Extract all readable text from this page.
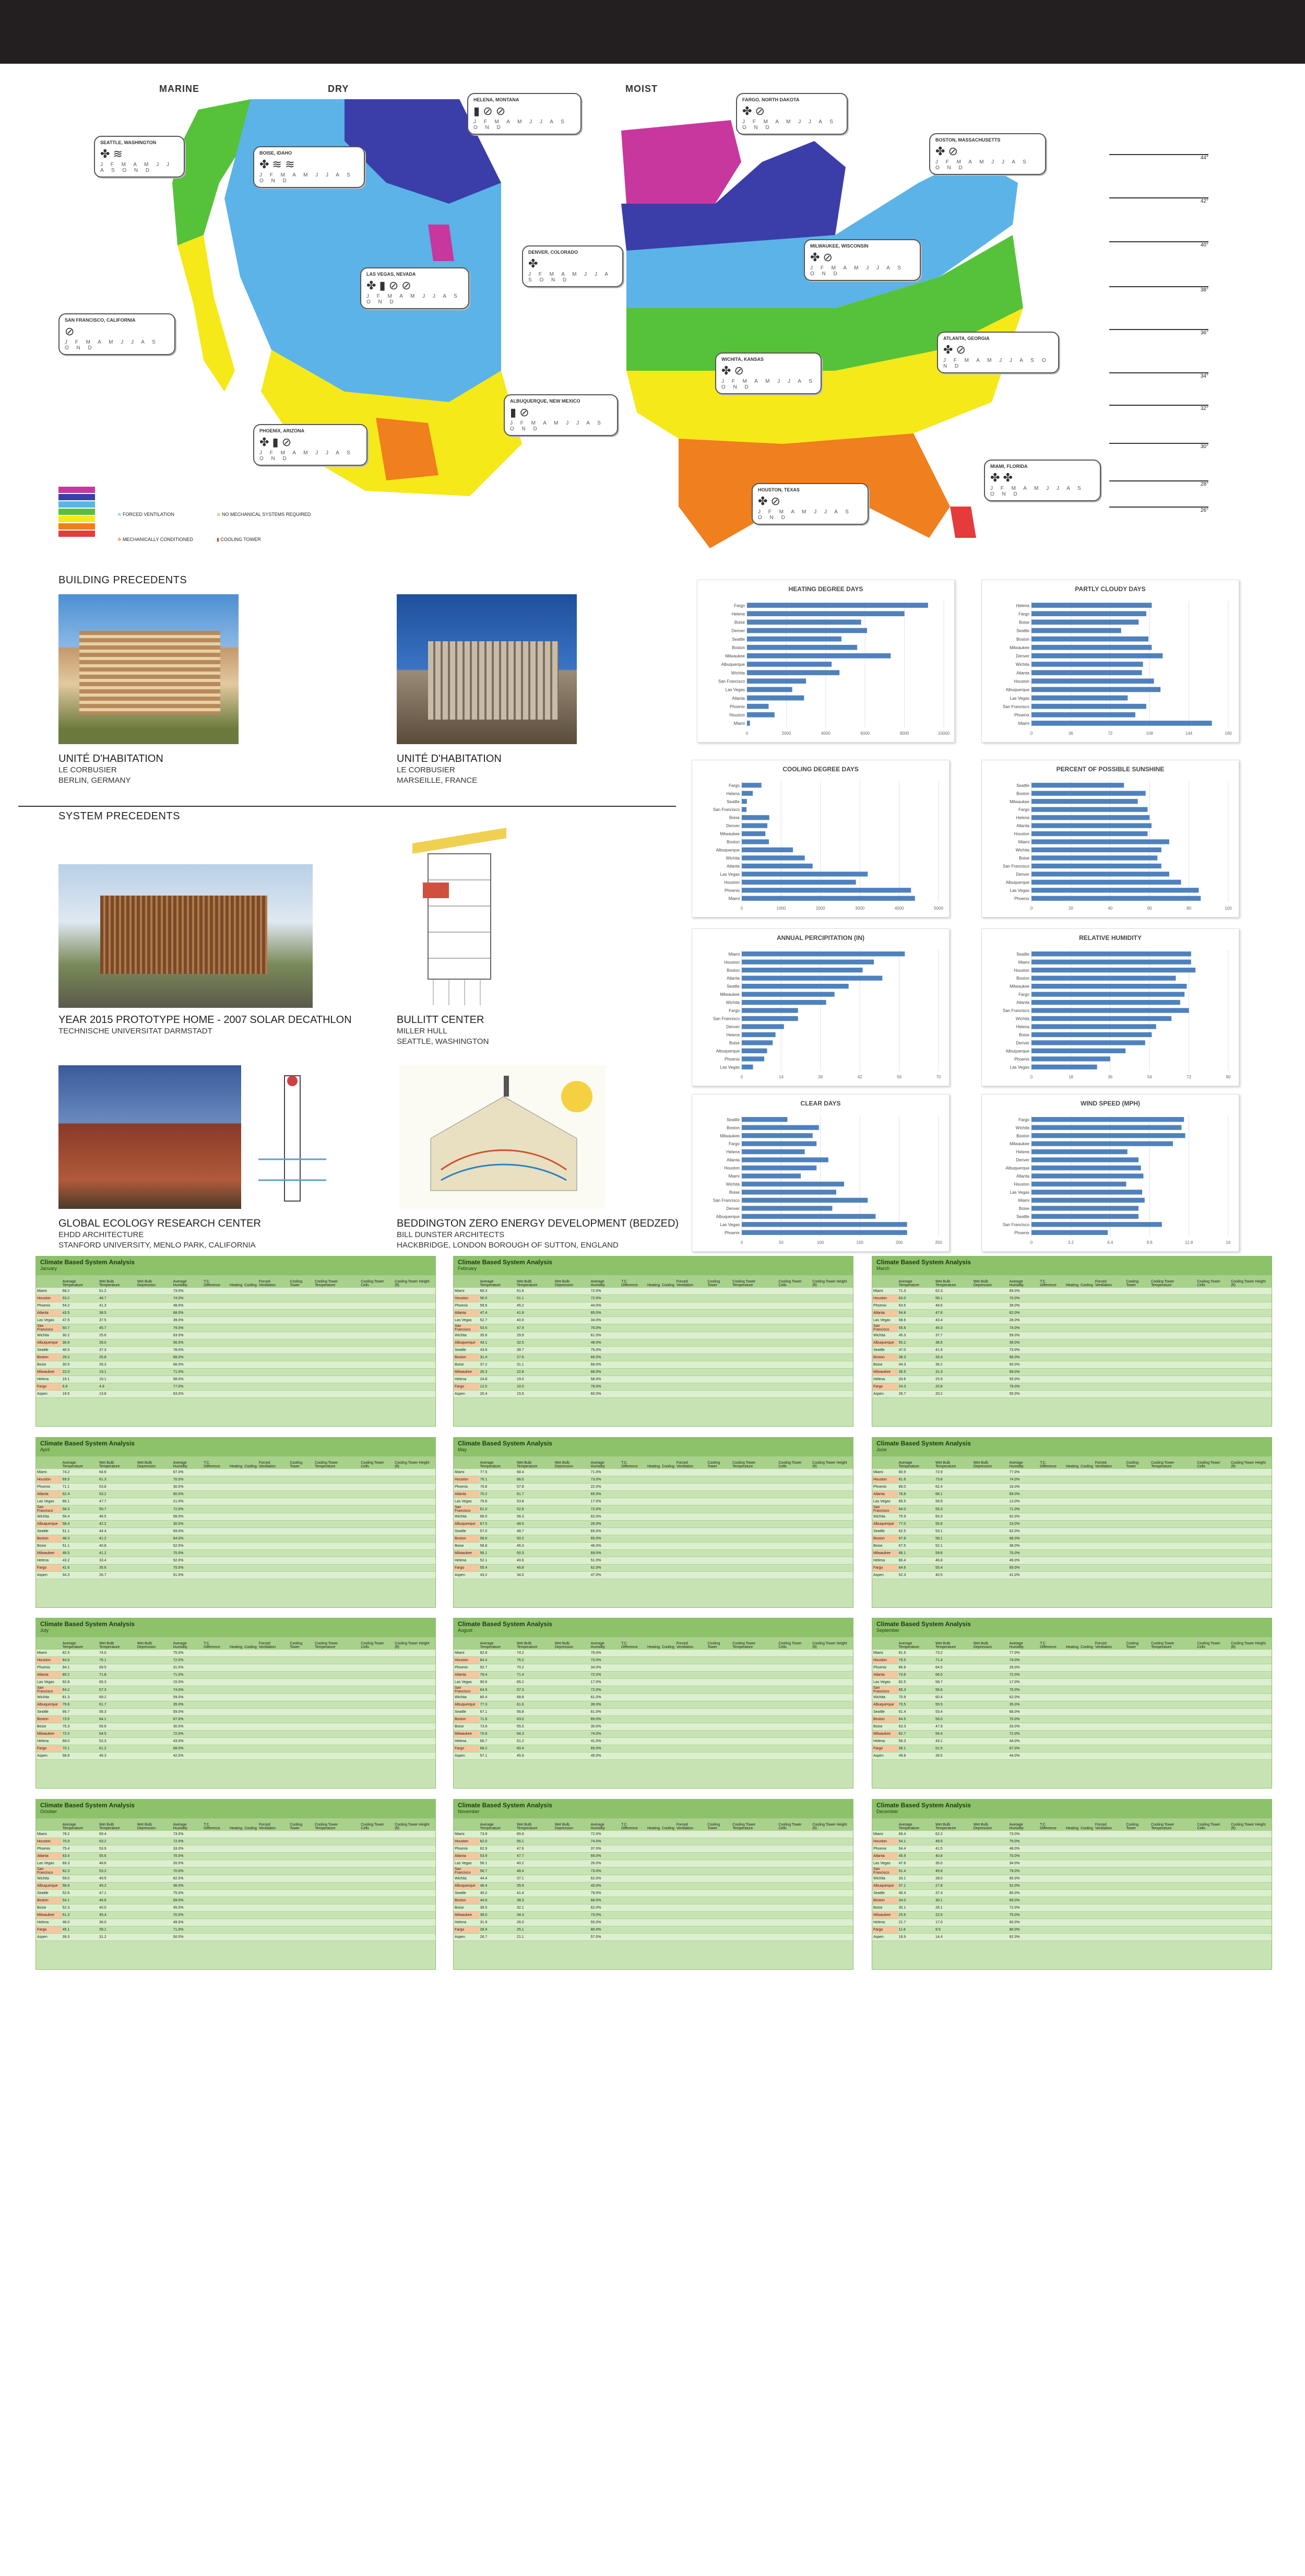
MARINE	DRY	MOIST
SEATTLE, WASHINGTON
✤ ≋
J F M A M J J A S O N D
BOISE, IDAHO
✤ ≋ ≋
J F M A M J J A S O N D
HELENA, MONTANA
▮ ⊘ ⊘
J F M A M J J A S O N D
FARGO, NORTH DAKOTA
✤ ⊘
J F M A M J J A S O N D
BOSTON, MASSACHUSETTS
✤ ⊘
J F M A M J J A S O N D
MILWAUKEE, WISCONSIN
✤ ⊘
J F M A M J J A S O N D
DENVER, COLORADO
✤
J F M A M J J A S O N D
LAS VEGAS, NEVADA
✤ ▮ ⊘ ⊘
J F M A M J J A S O N D
SAN FRANCISCO, CALIFORNIA
⊘
J F M A M J J A S O N D
WICHITA, KANSAS
✤ ⊘
J F M A M J J A S O N D
ATLANTA, GEORGIA
✤ ⊘
J F M A M J J A S O N D
ALBUQUERQUE, NEW MEXICO
▮ ⊘
J F M A M J J A S O N D
PHOENIX, ARIZONA
✤ ▮ ⊘
J F M A M J J A S O N D
HOUSTON, TEXAS
✤ ⊘
J F M A M J J A S O N D
MIAMI, FLORIDA
✤ ✤
J F M A M J J A S O N D
≋ FORCED VENTILATION	⊘ NO MECHANICAL SYSTEMS REQUIRED
✤ MECHANICALLY CONDITIONED	▮ COOLING TOWER
44°
42°
40°
38°
36°
34°
32°
30°
28°
26°
BUILDING PRECEDENTS
UNITÉ D'HABITATION
LE CORBUSIER
BERLIN, GERMANY
UNITÉ D'HABITATION
LE CORBUSIER
MARSEILLE, FRANCE
SYSTEM PRECEDENTS
YEAR 2015 PROTOTYPE HOME - 2007 SOLAR DECATHLON
TECHNISCHE UNIVERSITAT DARMSTADT
BULLITT CENTER
MILLER HULL
SEATTLE, WASHINGTON
GLOBAL ECOLOGY RESEARCH CENTER
EHDD ARCHITECTURE
STANFORD UNIVERSITY, MENLO PARK, CALIFORNIA
BEDDINGTON ZERO ENERGY DEVELOPMENT (BEDZED)
BILL DUNSTER ARCHITECTS
HACKBRIDGE, LONDON BOROUGH OF SUTTON, ENGLAND
HEATING DEGREE DAYS
0	2000	4000	6000	8000	10000
Fargo
Helena
Boise
Denver
Seattle
Boston
Milwaukee
Albuquerque
Wichita
San Francisco
Las Vegas
Atlanta
Phoenix
Houston
Miami
PARTLY CLOUDY DAYS
0	36	72	108	144	180
Helena
Fargo
Boise
Seattle
Boston
Milwaukee
Denver
Wichita
Atlanta
Houston
Albuquerque
Las Vegas
San Francisco
Phoenix
Miami
COOLING DEGREE DAYS
0	1000	2000	3000	4000	5000
Fargo
Helena
Seattle
San Francisco
Boise
Denver
Milwaukee
Boston
Albuquerque
Wichita
Atlanta
Las Vegas
Houston
Phoenix
Miami
PERCENT OF POSSIBLE SUNSHINE
0	20	40	60	80	100
Seattle
Boston
Milwaukee
Fargo
Helena
Atlanta
Houston
Miami
Wichita
Boise
San Francisco
Denver
Albuquerque
Las Vegas
Phoenix
ANNUAL PERCIPITATION (IN)
0	14	28	42	56	70
Miami
Houston
Boston
Atlanta
Seattle
Milwaukee
Wichita
Fargo
San Francisco
Denver
Helena
Boise
Albuquerque
Phoenix
Las Vegas
RELATIVE HUMIDITY
0	18	36	54	72	90
Seattle
Miami
Houston
Boston
Milwaukee
Fargo
Atlanta
San Francisco
Wichita
Helena
Boise
Denver
Albuquerque
Phoenix
Las Vegas
CLEAR DAYS
0	50	100	150	200	250
Seattle
Boston
Milwaukee
Fargo
Helena
Atlanta
Houston
Miami
Wichita
Boise
San Francisco
Denver
Albuquerque
Las Vegas
Phoenix
WIND SPEED (MPH)
0	3.2	6.4	9.6	12.8	16
Fargo
Wichita
Boston
Milwaukee
Helena
Denver
Albuquerque
Atlanta
Houston
Las Vegas
Miami
Boise
Seattle
San Francisco
Phoenix
Climate Based System Analysis
January
	Average Temperature	Wet Bulb Temperature	Wet Bulb Depression	Average Humidity	T.C. Difference	Heating	Cooling	Forced Ventilation	Cooling Tower	Cooling Tower Temperature	Cooling Tower Cells	Cooling Tower Height (ft)
Miami	68.2	61.2		73.0%								
Houston	53.2	48.7		74.0%								
Phoenix	54.2	41.3		48.0%								
Atlanta	43.5	38.5		68.0%								
Las Vegas	47.5	37.5		39.0%								
San Francisco	50.7	45.7		79.0%								
Wichita	30.2	25.6		63.0%								
Albuquerque	36.8	28.0		56.0%								
Seattle	40.5	37.3		78.0%								
Boston	29.3	25.8		68.0%								
Boise	30.5	26.3		68.0%								
Milwaukee	22.0	19.1		71.0%								
Helena	19.1	15.1		58.0%								
Fargo	6.8	4.9		77.0%								
Aspen	18.5	13.8		63.0%								
Climate Based System Analysis
February
	Average Temperature	Wet Bulb Temperature	Wet Bulb Depression	Average Humidity	T.C. Difference	Heating	Cooling	Forced Ventilation	Cooling Tower	Cooling Tower Temperature	Cooling Tower Cells	Cooling Tower Height (ft)
Miami	69.3	61.6		72.0%								
Houston	56.5	51.1		72.0%								
Phoenix	58.6	45.2		44.0%								
Atlanta	47.4	41.8		65.0%								
Las Vegas	52.7	40.0		34.0%								
San Francisco	53.5	47.9		76.0%								
Wichita	35.8	29.9		61.0%								
Albuquerque	43.1	32.5		48.0%								
Seattle	43.6	39.7		75.0%								
Boston	31.4	27.6		66.0%								
Boise	37.2	31.1		68.0%								
Milwaukee	26.3	22.8		68.0%								
Helena	24.8	19.0		58.0%								
Fargo	12.5	10.0		78.0%								
Aspen	20.4	15.5		60.0%								
Climate Based System Analysis
March
	Average Temperature	Wet Bulb Temperature	Wet Bulb Depression	Average Humidity	T.C. Difference	Heating	Cooling	Forced Ventilation	Cooling Tower	Cooling Tower Temperature	Cooling Tower Cells	Cooling Tower Height (ft)
Miami	71.3	62.3		69.0%								
Houston	63.0	56.1		70.0%								
Phoenix	63.5	48.6		39.0%								
Atlanta	54.8	47.6		62.0%								
Las Vegas	58.6	43.4		28.0%								
San Francisco	55.6	49.3		74.0%								
Wichita	45.3	37.7		59.0%								
Albuquerque	50.2	36.6		39.0%								
Seattle	47.0	41.9		73.0%								
Boston	38.3	33.4		66.0%								
Boise	44.3	36.2		60.0%								
Milwaukee	35.5	31.3		69.0%								
Helena	33.6	25.9		55.0%								
Fargo	24.3	20.8		79.0%								
Aspen	26.7	20.2		55.0%								
Climate Based System Analysis
April
	Average Temperature	Wet Bulb Temperature	Wet Bulb Depression	Average Humidity	T.C. Difference	Heating	Cooling	Forced Ventilation	Cooling Tower	Cooling Tower Temperature	Cooling Tower Cells	Cooling Tower Height (ft)
Miami	74.2	64.6		67.0%								
Houston	69.5	61.3		70.0%								
Phoenix	71.1	53.8		30.0%								
Atlanta	62.4	53.2		60.0%								
Las Vegas	66.1	47.7		21.0%								
San Francisco	58.3	50.7		72.0%								
Wichita	56.4	46.5		58.0%								
Albuquerque	58.4	42.2		30.0%								
Seattle	51.1	44.4		69.0%								
Boston	48.3	41.2		64.0%								
Boise	51.1	40.8		52.0%								
Milwaukee	46.5	41.2		70.0%								
Helena	43.2	33.4		52.0%								
Fargo	41.6	35.6		70.0%								
Aspen	34.3	26.7		51.0%								
Climate Based System Analysis
May
	Average Temperature	Wet Bulb Temperature	Wet Bulb Depression	Average Humidity	T.C. Difference	Heating	Cooling	Forced Ventilation	Cooling Tower	Cooling Tower Temperature	Cooling Tower Cells	Cooling Tower Height (ft)
Miami	77.5	68.4		71.0%								
Houston	76.1	68.0		73.0%								
Phoenix	79.8	57.8		22.0%								
Atlanta	70.2	61.7		65.0%								
Las Vegas	75.6	53.8		17.0%								
San Francisco	61.0	52.8		72.0%								
Wichita	66.0	56.3		62.0%								
Albuquerque	67.5	48.5		26.0%								
Seattle	57.0	48.7		65.0%								
Boston	58.6	50.2		65.0%								
Boise	58.8	46.3		46.0%								
Milwaukee	56.1	50.3		69.0%								
Helena	52.1	40.6		51.0%								
Fargo	55.4	46.8		62.0%								
Aspen	43.2	34.0		47.0%								
Climate Based System Analysis
June
	Average Temperature	Wet Bulb Temperature	Wet Bulb Depression	Average Humidity	T.C. Difference	Heating	Cooling	Forced Ventilation	Cooling Tower	Cooling Tower Temperature	Cooling Tower Cells	Cooling Tower Height (ft)
Miami	80.9	72.9		77.0%								
Houston	81.6	73.8		74.0%								
Phoenix	89.0	62.4		18.0%								
Atlanta	76.8	68.1		69.0%								
Las Vegas	85.5	59.9		13.0%								
San Francisco	64.0	55.3		71.0%								
Wichita	75.9	65.3		62.0%								
Albuquerque	77.0	55.6		23.0%								
Seattle	62.5	53.1		62.0%								
Boston	67.8	59.1		68.0%								
Boise	67.5	52.1		38.0%								
Milwaukee	66.1	59.6		70.0%								
Helena	60.4	46.8		49.0%								
Fargo	64.6	55.4		65.0%								
Aspen	52.3	40.5		41.0%								
Climate Based System Analysis
July
	Average Temperature	Wet Bulb Temperature	Wet Bulb Depression	Average Humidity	T.C. Difference	Heating	Cooling	Forced Ventilation	Cooling Tower	Cooling Tower Temperature	Cooling Tower Cells	Cooling Tower Height (ft)
Miami	82.5	74.0		75.0%								
Houston	84.6	76.1		72.0%								
Phoenix	94.1	69.5		31.0%								
Atlanta	80.2	71.8		71.0%								
Las Vegas	92.8	65.3		15.0%								
San Francisco	64.2	57.3		74.0%								
Wichita	81.3	69.2		59.0%								
Albuquerque	79.6	61.7		35.0%								
Seattle	66.7	56.3		59.0%								
Boston	73.5	64.1		67.0%								
Boise	75.3	56.6		30.0%								
Milwaukee	72.0	64.5		72.0%								
Helena	68.0	52.3		43.0%								
Fargo	70.1	61.2		68.0%								
Aspen	58.8	46.3		42.0%								
Climate Based System Analysis
August
	Average Temperature	Wet Bulb Temperature	Wet Bulb Depression	Average Humidity	T.C. Difference	Heating	Cooling	Forced Ventilation	Cooling Tower	Cooling Tower Temperature	Cooling Tower Cells	Cooling Tower Height (ft)
Miami	82.8	74.2		76.0%								
Houston	84.4	76.0		73.0%								
Phoenix	92.7	70.2		34.0%								
Atlanta	79.4	71.4		72.0%								
Las Vegas	90.6	65.2		17.0%								
San Francisco	64.9	57.3		72.0%								
Wichita	80.4	68.8		61.0%								
Albuquerque	77.3	61.6		39.0%								
Seattle	67.1	56.8		61.0%								
Boston	71.6	63.0		69.0%								
Boise	73.8	55.5		30.0%								
Milwaukee	70.8	64.3		74.0%								
Helena	66.7	51.2		41.0%								
Fargo	68.2	60.4		65.0%								
Aspen	57.1	45.9		45.0%								
Climate Based System Analysis
September
	Average Temperature	Wet Bulb Temperature	Wet Bulb Depression	Average Humidity	T.C. Difference	Heating	Cooling	Forced Ventilation	Cooling Tower	Cooling Tower Temperature	Cooling Tower Cells	Cooling Tower Height (ft)
Miami	81.6	73.2		77.0%								
Houston	79.5	71.4		74.0%								
Phoenix	86.8	64.0		29.0%								
Atlanta	73.8	66.5		72.0%								
Las Vegas	82.5	58.7		17.0%								
San Francisco	65.3	56.6		70.0%								
Wichita	70.9	60.4		62.0%								
Albuquerque	70.5	55.5		35.0%								
Seattle	61.4	53.4		66.0%								
Boston	64.5	56.0		70.0%								
Boise	63.3	47.9		33.0%								
Milwaukee	62.7	56.4		72.0%								
Helena	56.3	43.1		44.0%								
Fargo	58.1	51.5		67.0%								
Aspen	49.8	39.5		44.0%								
Climate Based System Analysis
October
	Average Temperature	Wet Bulb Temperature	Wet Bulb Depression	Average Humidity	T.C. Difference	Heating	Cooling	Forced Ventilation	Cooling Tower	Cooling Tower Temperature	Cooling Tower Cells	Cooling Tower Height (ft)
Miami	78.2	69.4		73.0%								
Houston	70.9	63.2		72.0%								
Phoenix	75.4	53.9		33.0%								
Atlanta	63.4	55.6		70.0%								
Las Vegas	69.3	48.6		20.0%								
San Francisco	62.3	53.2		70.0%								
Wichita	59.0	49.5		62.0%								
Albuquerque	58.8	45.2		36.0%								
Seattle	52.6	47.1		75.0%								
Boston	54.1	46.6		69.0%								
Boise	52.3	40.0		45.0%								
Milwaukee	51.3	45.4		70.0%								
Helena	46.0	36.0		49.0%								
Fargo	45.1	39.1		71.0%								
Aspen	39.3	31.2		50.0%								
Climate Based System Analysis
November
	Average Temperature	Wet Bulb Temperature	Wet Bulb Depression	Average Humidity	T.C. Difference	Heating	Cooling	Forced Ventilation	Cooling Tower	Cooling Tower Temperature	Cooling Tower Cells	Cooling Tower Height (ft)
Miami	73.8	65.9		72.0%								
Houston	62.0	56.1		74.0%								
Phoenix	62.9	47.6		37.0%								
Atlanta	53.9	47.7		69.0%								
Las Vegas	56.1	40.2		26.0%								
San Francisco	56.7	48.4		73.0%								
Wichita	44.4	37.1		62.0%								
Albuquerque	46.4	35.9		43.0%								
Seattle	45.2	41.4		79.0%								
Boston	44.8	38.3		68.0%								
Boise	39.5	32.1		62.0%								
Milwaukee	38.0	34.3		73.0%								
Helena	31.9	26.0		55.0%								
Fargo	28.9	25.1		80.0%								
Aspen	26.7	21.1		57.0%								
Climate Based System Analysis
December
	Average Temperature	Wet Bulb Temperature	Wet Bulb Depression	Average Humidity	T.C. Difference	Heating	Cooling	Forced Ventilation	Cooling Tower	Cooling Tower Temperature	Cooling Tower Cells	Cooling Tower Height (ft)
Miami	69.4	62.2		73.0%								
Houston	54.1	49.5		75.0%								
Phoenix	54.4	41.5		48.0%								
Atlanta	45.9	40.8		70.0%								
Las Vegas	47.6	35.0		34.0%								
San Francisco	51.4	45.8		79.0%								
Wichita	33.1	28.0		65.0%								
Albuquerque	37.1	27.8		52.0%								
Seattle	40.4	37.4		80.0%								
Boston	34.0	30.1		69.0%								
Boise	30.1	26.1		72.0%								
Milwaukee	25.6	22.5		75.0%								
Helena	21.7	17.0		60.0%								
Fargo	11.8	9.5		80.0%								
Aspen	18.9	14.4		62.0%								
